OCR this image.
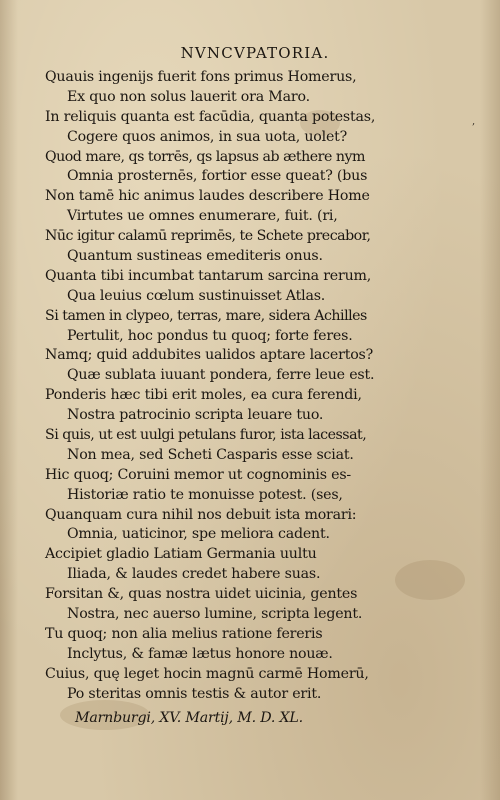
,
NVNCVPATORIA.
Quauis ingenijs fuerit fons primus Homerus,
Ex quo non solus lauerit ora Maro.
In reliquis quanta est facūdia, quanta potestas,
Cogere quos animos, in sua uota, uolet?
Quod mare, qs torrēs, qs lapsus ab æthere nym
Omnia prosternēs, fortior esse queat? (bus
Non tamē hic animus laudes describere Home
Virtutes ue omnes enumerare, fuit. (ri,
Nūc igitur calamū reprimēs, te Schete precabor,
Quantum sustineas emediteris onus.
Quanta tibi incumbat tantarum sarcina rerum,
Qua leuius cœlum sustinuisset Atlas.
Si tamen in clypeo, terras, mare, sidera Achilles
Pertulit, hoc pondus tu quoq; forte feres.
Namq; quid addubites ualidos aptare lacertos?
Quæ sublata iuuant pondera, ferre leue est.
Ponderis hæc tibi erit moles, ea cura ferendi,
Nostra patrocinio scripta leuare tuo.
Si quis, ut est uulgi petulans furor, ista lacessat,
Non mea, sed Scheti Casparis esse sciat.
Hic quoq; Coruini memor ut cognominis es-
Historiæ ratio te monuisse potest. (ses,
Quanquam cura nihil nos debuit ista morari:
Omnia, uaticinor, spe meliora cadent.
Accipiet gladio Latiam Germania uultu
Iliada, & laudes credet habere suas.
Forsitan &, quas nostra uidet uicinia, gentes
Nostra, nec auerso lumine, scripta legent.
Tu quoq; non alia melius ratione fereris
Inclytus, & famæ lætus honore nouæ.
Cuius, quę leget hocin magnū carmē Homerū,
Po steritas omnis testis & autor erit.
Marnburgi, XV. Martij, M. D. XL.
